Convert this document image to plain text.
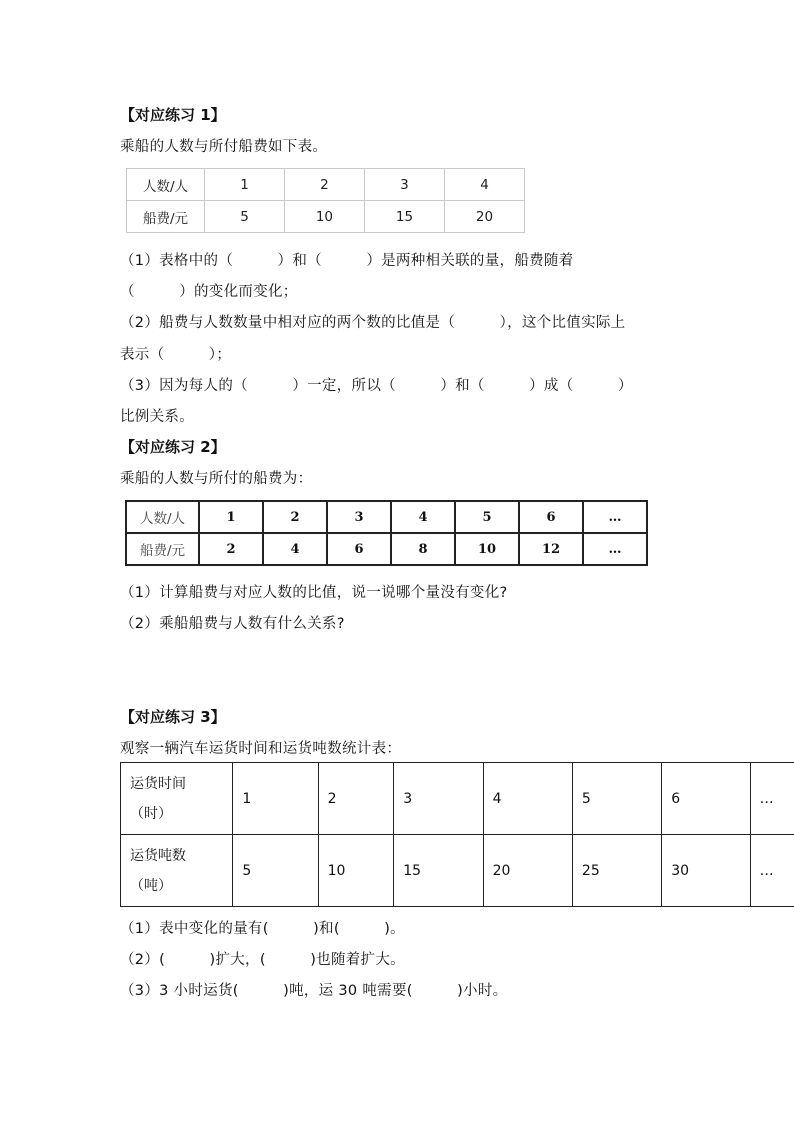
【对应练习 1】
乘船的人数与所付船费如下表。
人数/人	1	2	3	4
船费/元	5	10	15	20
（1）表格中的（　　　）和（　　　）是两种相关联的量，船费随着
（　　　）的变化而变化；
（2）船费与人数数量中相对应的两个数的比值是（　　　），这个比值实际上
表示（　　　）；
（3）因为每人的（　　　）一定，所以（　　　）和（　　　）成（　　　）
比例关系。
【对应练习 2】
乘船的人数与所付的船费为：
人数/人	1	2	3	4	5	6	…
船费/元	2	4	6	8	10	12	…
（1）计算船费与对应人数的比值，说一说哪个量没有变化?
（2）乘船船费与人数有什么关系?
【对应练习 3】
观察一辆汽车运货时间和运货吨数统计表：
运货时间
（时）	1	2	3	4	5	6	…

运货吨数
（吨）	5	10	15	20	25	30	…
（1）表中变化的量有(　　　)和(　　　)。
（2）(　　　)扩大，(　　　)也随着扩大。
（3）3 小时运货(　　　)吨，运 30 吨需要(　　　)小时。
